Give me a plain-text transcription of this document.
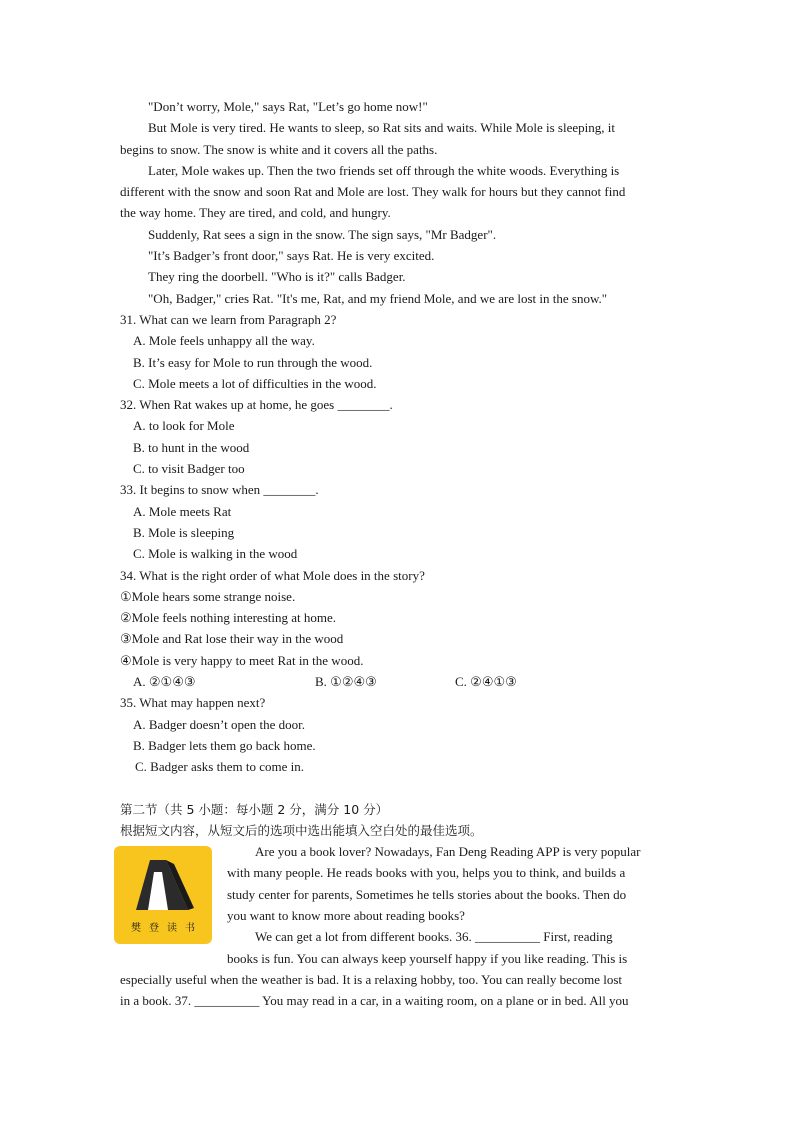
"Don’t worry, Mole," says Rat, "Let’s go home now!"
But Mole is very tired. He wants to sleep, so Rat sits and waits. While Mole is sleeping, it
begins to snow. The snow is white and it covers all the paths.
Later, Mole wakes up. Then the two friends set off through the white woods. Everything is
different with the snow and soon Rat and Mole are lost. They walk for hours but they cannot find
the way home. They are tired, and cold, and hungry.
Suddenly, Rat sees a sign in the snow. The sign says, "Mr Badger".
"It’s Badger’s front door," says Rat. He is very excited.
They ring the doorbell. "Who is it?" calls Badger.
"Oh, Badger," cries Rat. "It's me, Rat, and my friend Mole, and we are lost in the snow."
31. What can we learn from Paragraph 2?
A. Mole feels unhappy all the way.
B. It’s easy for Mole to run through the wood.
C. Mole meets a lot of difficulties in the wood.
32. When Rat wakes up at home, he goes ________.
A. to look for Mole
B. to hunt in the wood
C. to visit Badger too
33. It begins to snow when ________.
A. Mole meets Rat
B. Mole is sleeping
C. Mole is walking in the wood
34. What is the right order of what Mole does in the story?
①Mole hears some strange noise.
②Mole feels nothing interesting at home.
③Mole and Rat lose their way in the wood
④Mole is very happy to meet Rat in the wood.
A. ②①④③	B. ①②④③	C. ②④①③
35. What may happen next?
A. Badger doesn’t open the door.
B. Badger lets them go back home.
C. Badger asks them to come in.
第二节（共 5 小题：每小题 2 分，满分 10 分）
根据短文内容，从短文后的选项中选出能填入空白处的最佳选项。
樊登读书
Are you a book lover? Nowadays, Fan Deng Reading APP is very popular
with many people. He reads books with you, helps you to think, and builds a
study center for parents, Sometimes he tells stories about the books. Then do
you want to know more about reading books?
We can get a lot from different books. 36. __________ First, reading
books is fun. You can always keep yourself happy if you like reading. This is
especially useful when the weather is bad. It is a relaxing hobby, too. You can really become lost
in a book. 37. __________ You may read in a car, in a waiting room, on a plane or in bed. All you
